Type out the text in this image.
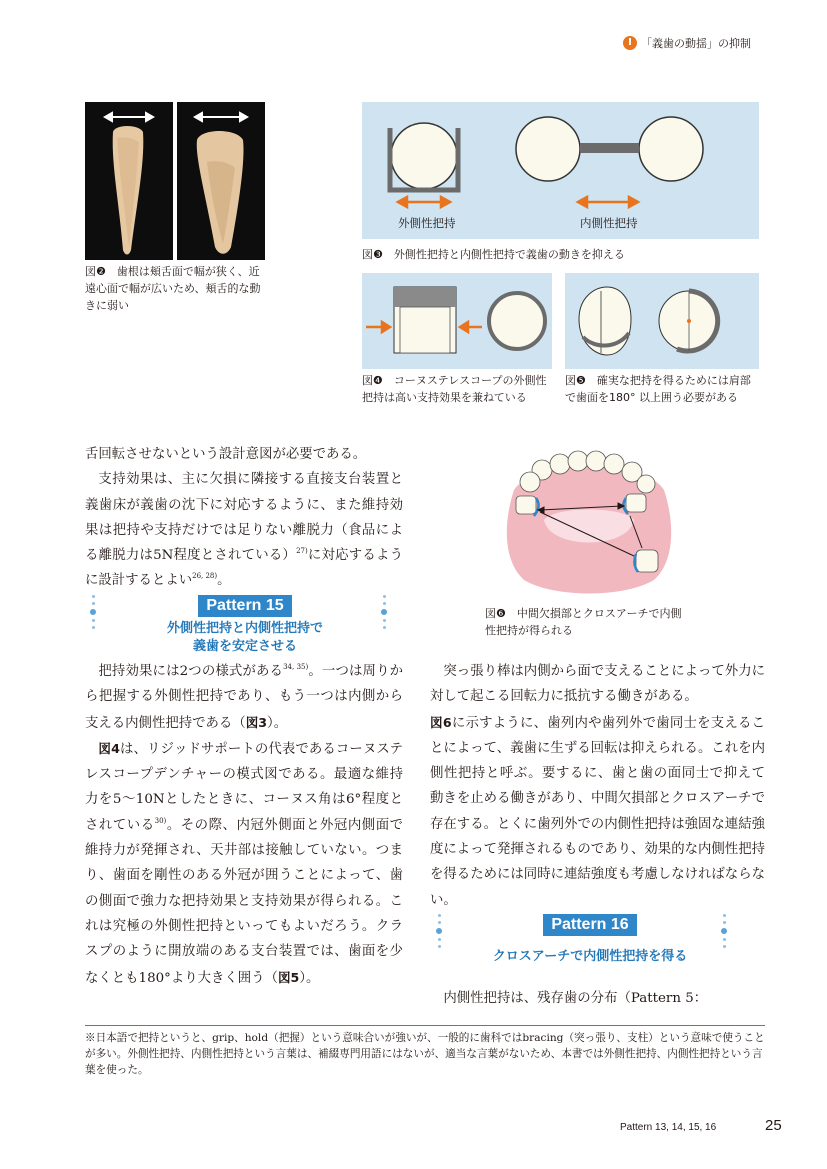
I 「義歯の動揺」の抑制
図❷　歯根は頬舌面で幅が狭く、近遠心面で幅が広いため、頬舌的な動きに弱い
外側性把持	内側性把持
図❸　外側性把持と内側性把持で義歯の動きを抑える
図❹　コーヌステレスコープの外側性把持は高い支持効果を兼ねている
図❺　確実な把持を得るためには肩部で歯面を180° 以上囲う必要がある
図❻　中間欠損部とクロスアーチで内側性把持が得られる

舌回転させないという設計意図が必要である。

支持効果は、主に欠損に隣接する直接支台装置と義歯床が義歯の沈下に対応するように、また維持効果は把持や支持だけでは足りない離脱力（食品による離脱力は5N程度とされている）$^{27)}$に対応するように設計するとよい$^{26, 28)}$。

Pattern 15
外側性把持と内側性把持で
義歯を安定させる

把持効果には2つの様式がある$^{34, 35)}$。一つは周りから把握する外側性把持であり、もう一つは内側から支える内側性把持である（図3）。

図4は、リジッドサポートの代表であるコーヌステレスコープデンチャーの模式図である。最適な維持力を5～10Nとしたときに、コーヌス角は6°程度とされている$^{30)}$。その際、内冠外側面と外冠内側面で維持力が発揮され、天井部は接触していない。つまり、歯面を剛性のある外冠が囲うことによって、歯の側面で強力な把持効果と支持効果が得られる。これは究極の外側性把持といってもよいだろう。クラスプのように開放端のある支台装置では、歯面を少なくとも180°より大きく囲う（図5）。

突っ張り棒は内側から面で支えることによって外力に対して起こる回転力に抵抗する働きがある。

図6に示すように、歯列内や歯列外で歯同士を支えることによって、義歯に生ずる回転は抑えられる。これを内側性把持と呼ぶ。要するに、歯と歯の面同士で抑えて動きを止める働きがあり、中間欠損部とクロスアーチで存在する。とくに歯列外での内側性把持は強固な連結強度によって発揮されるものであり、効果的な内側性把持を得るためには同時に連結強度も考慮しなければならない。

Pattern 16
クロスアーチで内側性把持を得る

内側性把持は、残存歯の分布（Pattern 5：

※日本語で把持というと、grip、hold（把握）という意味合いが強いが、一般的に歯科ではbracing（突っ張り、支柱）という意味で使うことが多い。外側性把持、内側性把持という言葉は、補綴専門用語にはないが、適当な言葉がないため、本書では外側性把持、内側性把持という言葉を使った。
Pattern 13, 14, 15, 16	25
